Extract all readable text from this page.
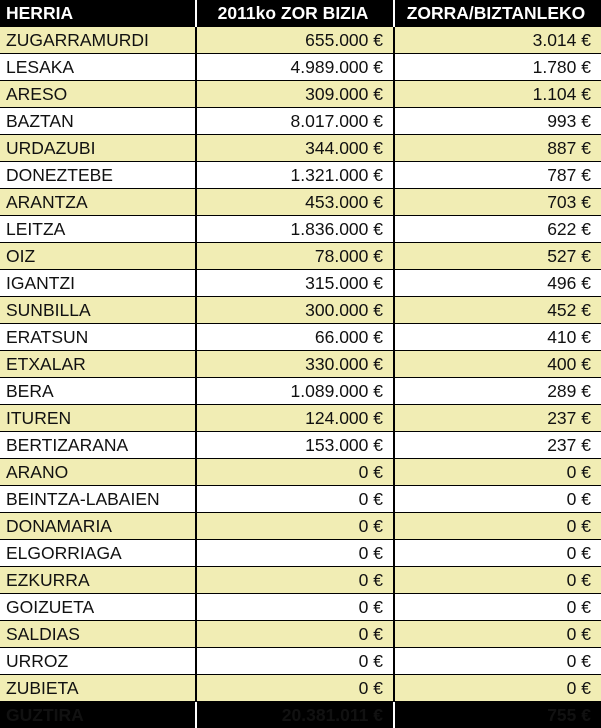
HERRIA	2011ko ZOR BIZIA	ZORRA/BIZTANLEKO
ZUGARRAMURDI	655.000 €	3.014 €
LESAKA	4.989.000 €	1.780 €
ARESO	309.000 €	1.104 €
BAZTAN	8.017.000 €	993 €
URDAZUBI	344.000 €	887 €
DONEZTEBE	1.321.000 €	787 €
ARANTZA	453.000 €	703 €
LEITZA	1.836.000 €	622 €
OIZ	78.000 €	527 €
IGANTZI	315.000 €	496 €
SUNBILLA	300.000 €	452 €
ERATSUN	66.000 €	410 €
ETXALAR	330.000 €	400 €
BERA	1.089.000 €	289 €
ITUREN	124.000 €	237 €
BERTIZARANA	153.000 €	237 €
ARANO	0 €	0 €
BEINTZA-LABAIEN	0 €	0 €
DONAMARIA	0 €	0 €
ELGORRIAGA	0 €	0 €
EZKURRA	0 €	0 €
GOIZUETA	0 €	0 €
SALDIAS	0 €	0 €
URROZ	0 €	0 €
ZUBIETA	0 €	0 €
GUZTIRA	20.381.011 €	755 €
